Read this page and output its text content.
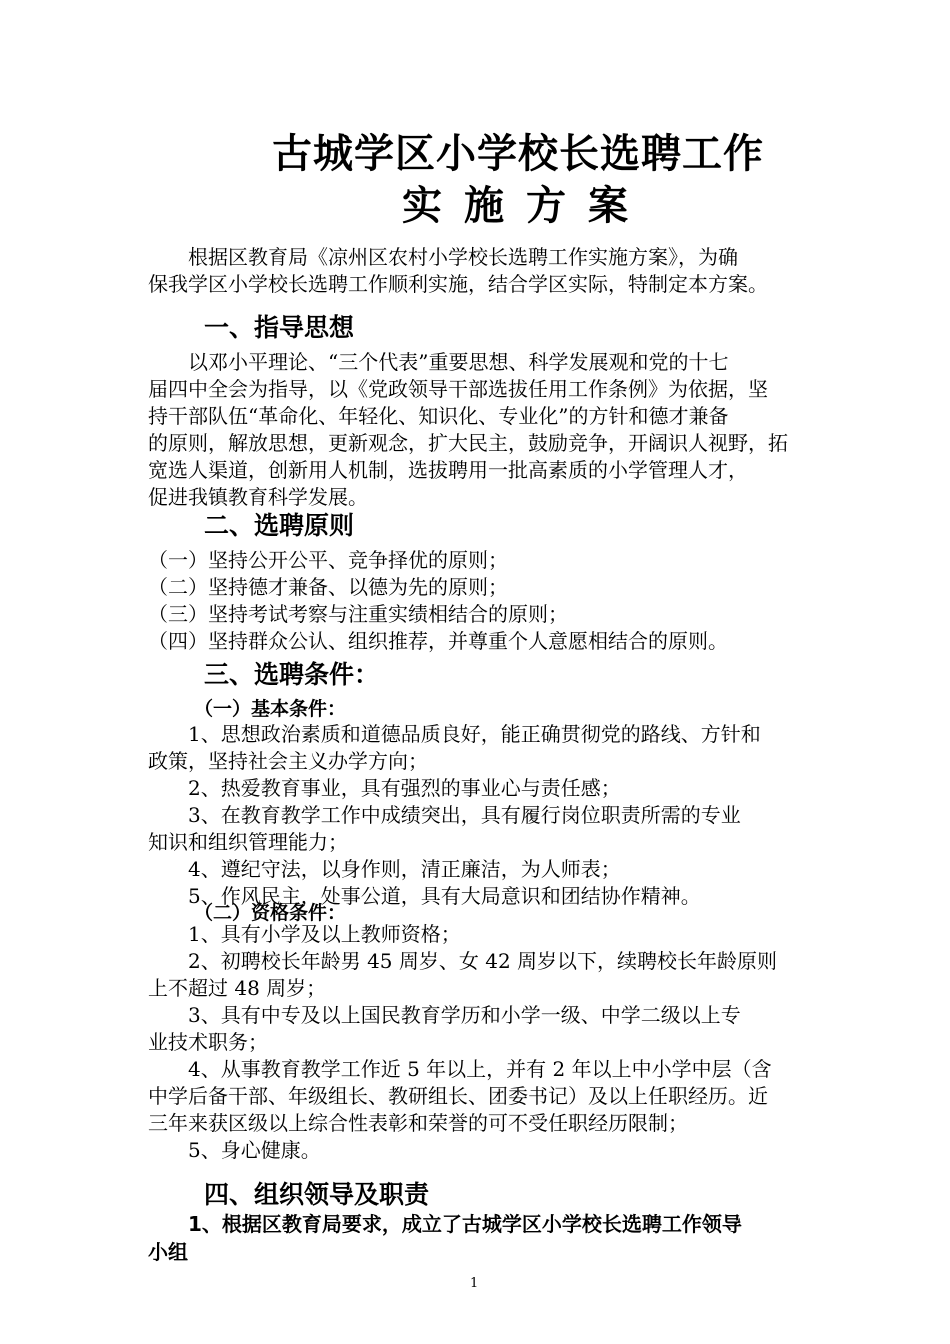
古城学区小学校长选聘工作
实施方案
根据区教育局《凉州区农村小学校长选聘工作实施方案》，为确
保我学区小学校长选聘工作顺利实施，结合学区实际，特制定本方案。
一、指导思想
以邓小平理论、“三个代表”重要思想、科学发展观和党的十七
届四中全会为指导，以《党政领导干部选拔任用工作条例》为依据，坚
持干部队伍“革命化、年轻化、知识化、专业化”的方针和德才兼备
的原则，解放思想，更新观念，扩大民主，鼓励竞争，开阔识人视野，拓
宽选人渠道，创新用人机制，选拔聘用一批高素质的小学管理人才，
促进我镇教育科学发展。
二、选聘原则
（一）坚持公开公平、竞争择优的原则；
（二）坚持德才兼备、以德为先的原则；
（三）坚持考试考察与注重实绩相结合的原则；
（四）坚持群众公认、组织推荐，并尊重个人意愿相结合的原则。
三、选聘条件：
（一）基本条件：
1、思想政治素质和道德品质良好，能正确贯彻党的路线、方针和
政策，坚持社会主义办学方向；
2、热爱教育事业，具有强烈的事业心与责任感；
3、在教育教学工作中成绩突出，具有履行岗位职责所需的专业
知识和组织管理能力；
4、遵纪守法，以身作则，清正廉洁，为人师表；
5、作风民主，处事公道，具有大局意识和团结协作精神。
（二）资格条件：
1、具有小学及以上教师资格；
2、初聘校长年龄男 45 周岁、女 42 周岁以下，续聘校长年龄原则
上不超过 48 周岁；
3、具有中专及以上国民教育学历和小学一级、中学二级以上专
业技术职务；
4、从事教育教学工作近 5 年以上，并有 2 年以上中小学中层（含
中学后备干部、年级组长、教研组长、团委书记）及以上任职经历。近
三年来获区级以上综合性表彰和荣誉的可不受任职经历限制；
5、身心健康。
四、组织领导及职责
1、根据区教育局要求，成立了古城学区小学校长选聘工作领导
小组
1
